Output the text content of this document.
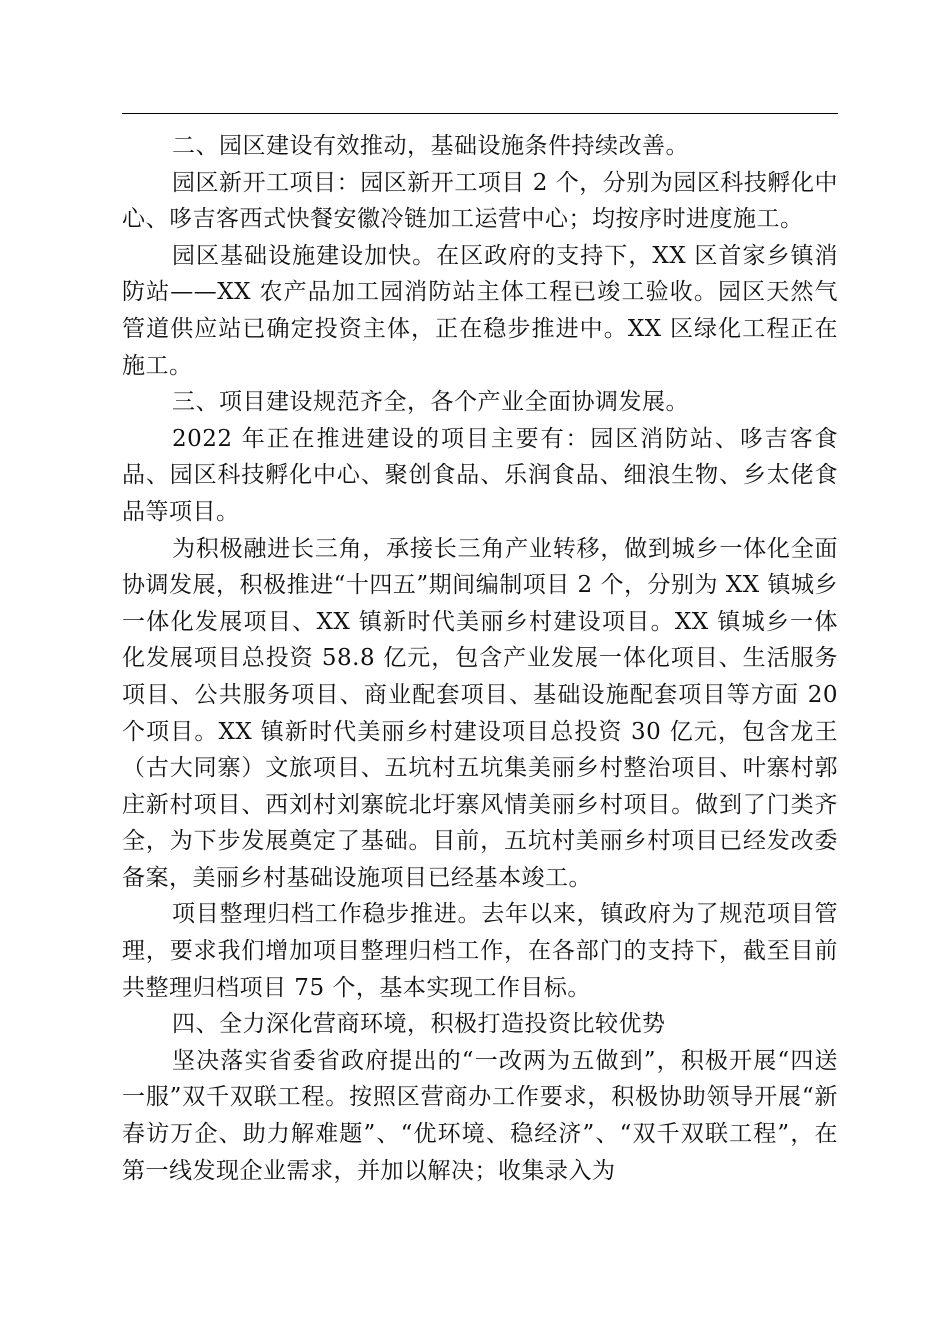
二、园区建设有效推动，基础设施条件持续改善。

园区新开工项目：园区新开工项目 2 个，分别为园区科技孵化中心、哆吉客西式快餐安徽冷链加工运营中心；均按序时进度施工。

园区基础设施建设加快。在区政府的支持下，XX 区首家乡镇消防站——XX 农产品加工园消防站主体工程已竣工验收。园区天然气管道供应站已确定投资主体，正在稳步推进中。XX 区绿化工程正在施工。

三、项目建设规范齐全，各个产业全面协调发展。

2022 年正在推进建设的项目主要有：园区消防站、哆吉客食品、园区科技孵化中心、聚创食品、乐润食品、细浪生物、乡太佬食品等项目。

为积极融进长三角，承接长三角产业转移，做到城乡一体化全面协调发展，积极推进“十四五”期间编制项目 2 个，分别为 XX 镇城乡一体化发展项目、XX 镇新时代美丽乡村建设项目。XX 镇城乡一体化发展项目总投资 58.8 亿元，包含产业发展一体化项目、生活服务项目、公共服务项目、商业配套项目、基础设施配套项目等方面 20 个项目。XX 镇新时代美丽乡村建设项目总投资 30 亿元，包含龙王（古大同寨）文旅项目、五坑村五坑集美丽乡村整治项目、叶寨村郭庄新村项目、西刘村刘寨皖北圩寨风情美丽乡村项目。做到了门类齐全，为下步发展奠定了基础。目前，五坑村美丽乡村项目已经发改委备案，美丽乡村基础设施项目已经基本竣工。

项目整理归档工作稳步推进。去年以来，镇政府为了规范项目管理，要求我们增加项目整理归档工作，在各部门的支持下，截至目前共整理归档项目 75 个，基本实现工作目标。

四、全力深化营商环境，积极打造投资比较优势

坚决落实省委省政府提出的“一改两为五做到”，积极开展“四送一服”双千双联工程。按照区营商办工作要求，积极协助领导开展“新春访万企、助力解难题”、“优环境、稳经济”、“双千双联工程”，在第一线发现企业需求，并加以解决；收集录入为
